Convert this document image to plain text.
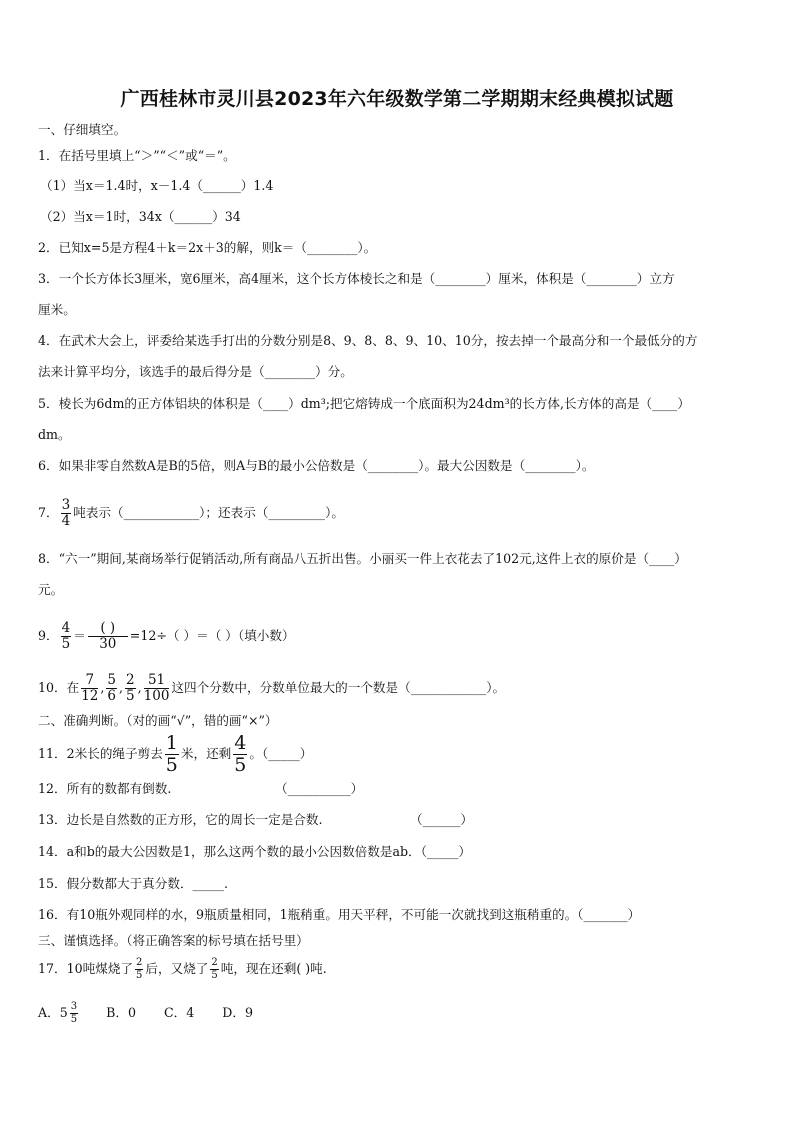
广西桂林市灵川县2023年六年级数学第二学期期末经典模拟试题
一、仔细填空。
1．在括号里填上“＞”“＜”或“＝”。
（1）当x＝1.4时，x－1.4（______）1.4
（2）当x＝1时，34x（______）34
2．已知x=5是方程4＋k＝2x＋3的解，则k＝（________）。
3．一个长方体长3厘米，宽6厘米，高4厘米，这个长方体棱长之和是（________）厘米，体积是（________）立方
厘米。
4．在武术大会上，评委给某选手打出的分数分别是8、9、8、8、9、10、10分，按去掉一个最高分和一个最低分的方
法来计算平均分，该选手的最后得分是（________）分。
5．棱长为6dm的正方体铝块的体积是（____）dm³;把它熔铸成一个底面积为24dm³的长方体,长方体的高是（____）
dm。
6．如果非零自然数A是B的5倍，则A与B的最小公倍数是（________）。最大公因数是（________）。
7． $\frac{3}{4}$ 吨表示（____________）；还表示（_________）。
8．“六一”期间,某商场举行促销活动,所有商品八五折出售。小丽买一件上衣花去了102元,这件上衣的原价是（____）
元。
9． $\frac{4}{5} = \frac{( )}{30} =12\div$（ ）＝（ ）（填小数）
10．在 $\frac{7}{12}$ , $\frac{5}{6}$ , $\frac{2}{5}$ , $\frac{51}{100}$ 这四个分数中，分数单位最大的一个数是（____________）。
二、准确判断。（对的画“√”，错的画“×”）
11．2米长的绳子剪去 $\frac{1}{5}$ 米，还剩 $\frac{4}{5}$ 。（_____）
12．所有的数都有倒数.	（__________）
13．边长是自然数的正方形，它的周长一定是合数.	（______）
14．a和b的最大公因数是1，那么这两个数的最小公因数倍数是ab．（_____）
15．假分数都大于真分数．_____.
16．有10瓶外观同样的水，9瓶质量相同，1瓶稍重。用天平秤，不可能一次就找到这瓶稍重的。（_______）
三、谨慎选择。（将正确答案的标号填在括号里）
17．10吨煤烧了 $\frac{2}{5}$ 后，又烧了 $\frac{2}{5}$ 吨，现在还剩( )吨.
A．$5 \frac{3}{5}$ B．0 C．4 D．9
